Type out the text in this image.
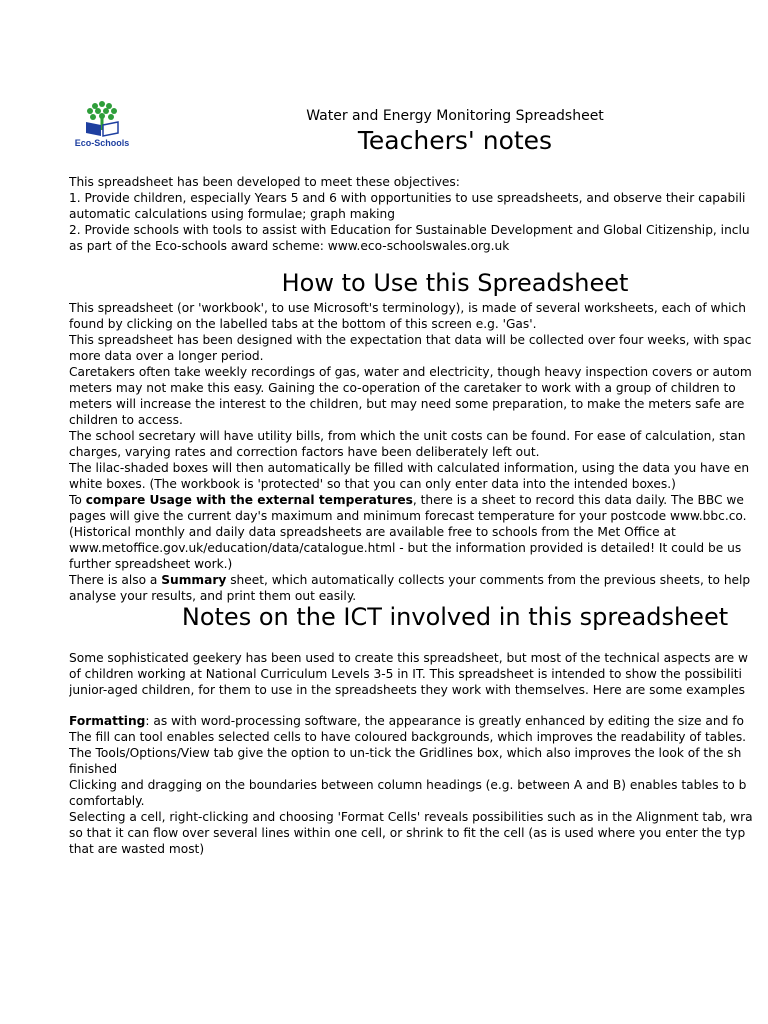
Eco-Schools
Water and Energy Monitoring Spreadsheet
Teachers' notes
This spreadsheet has been developed to meet these objectives:
1. Provide children, especially Years 5 and 6 with opportunities to use spreadsheets, and observe their capabili
automatic calculations using formulae; graph making
2. Provide schools with tools to assist with Education for Sustainable Development and Global Citizenship, inclu
as part of the Eco-schools award scheme: www.eco-schoolswales.org.uk
How to Use this Spreadsheet
This spreadsheet (or 'workbook', to use Microsoft's terminology), is made of several worksheets, each of which
found by clicking on the labelled tabs at the bottom of this screen e.g. 'Gas'.
This spreadsheet has been designed with the expectation that data will be collected over four weeks, with spac
more data over a longer period.
Caretakers often take weekly recordings of gas, water and electricity, though heavy inspection covers or autom
meters may not make this easy. Gaining the co-operation of the caretaker to work with a group of children to
meters will increase the interest to the children, but may need some preparation, to make the meters safe are
children to access.
The school secretary will have utility bills, from which the unit costs can be found. For ease of calculation, stan
charges, varying rates and correction factors have been deliberately left out.
The lilac-shaded boxes will then automatically be filled with calculated information, using the data you have en
white boxes. (The workbook is 'protected' so that you can only enter data into the intended boxes.)
To compare Usage with the external temperatures, there is a sheet to record this data daily. The BBC we
pages will give the current day's maximum and minimum forecast temperature for your postcode www.bbc.co.
(Historical monthly and daily data spreadsheets are available free to schools from the Met Office at
www.metoffice.gov.uk/education/data/catalogue.html - but the information provided is detailed! It could be us
further spreadsheet work.)
There is also a Summary sheet, which automatically collects your comments from the previous sheets, to help
analyse your results, and print them out easily.
Notes on the ICT involved in this spreadsheet
Some sophisticated geekery has been used to create this spreadsheet, but most of the technical aspects are w
of children working at National Curriculum Levels 3-5 in IT. This spreadsheet is intended to show the possibiliti
junior-aged children, for them to use in the spreadsheets they work with themselves. Here are some examples
Formatting: as with word-processing software, the appearance is greatly enhanced by editing the size and fo
The fill can tool enables selected cells to have coloured backgrounds, which improves the readability of tables.
The Tools/Options/View tab give the option to un-tick the Gridlines box, which also improves the look of the sh
finished
Clicking and dragging on the boundaries between column headings (e.g. between A and B) enables tables to b
comfortably.
Selecting a cell, right-clicking and choosing 'Format Cells' reveals possibilities such as in the Alignment tab, wra
so that it can flow over several lines within one cell, or shrink to fit the cell (as is used where you enter the typ
that are wasted most)
